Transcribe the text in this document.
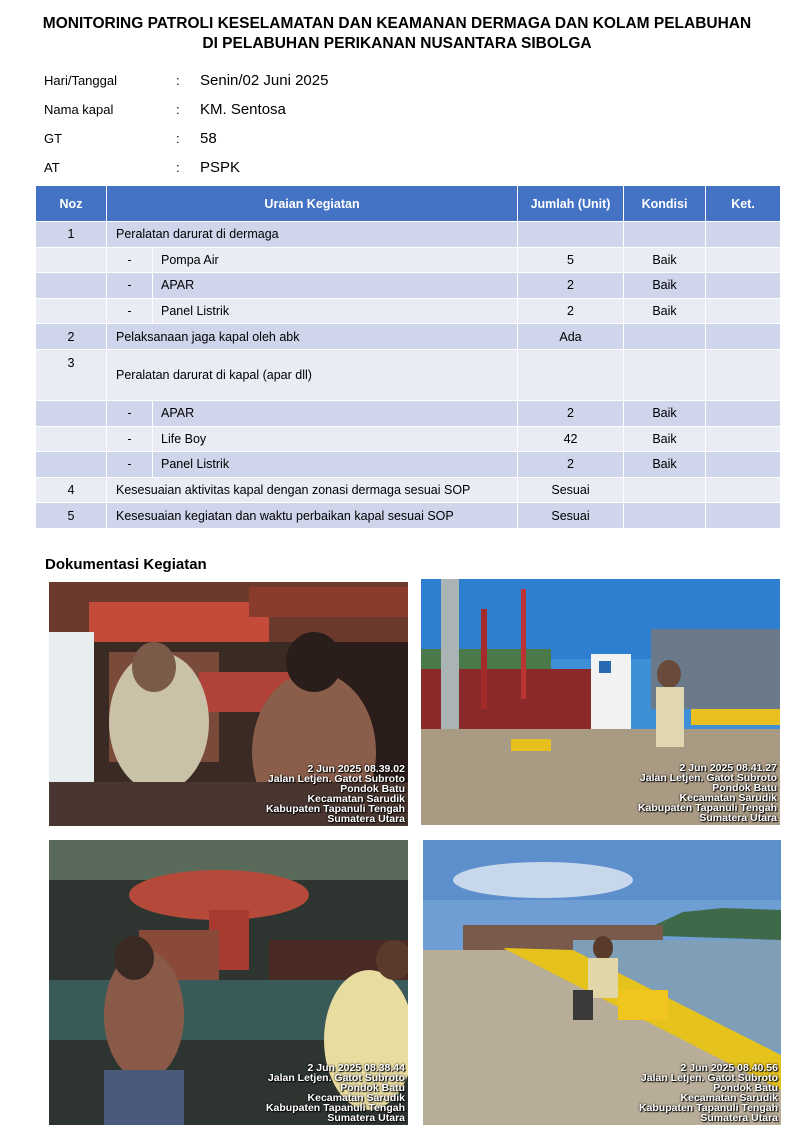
MONITORING PATROLI KESELAMATAN DAN KEAMANAN DERMAGA DAN KOLAM PELABUHAN
DI PELABUHAN PERIKANAN NUSANTARA SIBOLGA
Hari/Tanggal	:	Senin/02 Juni 2025
Nama kapal	:	KM. Sentosa
GT	:	58
AT	:	PSPK
Noz	Uraian Kegiatan		Jumlah (Unit)	Kondisi	Ket.
1	Peralatan darurat di dermaga				
	-	Pompa Air	5	Baik	
	-	APAR	2	Baik	
	-	Panel Listrik	2	Baik	
2	Pelaksanaan jaga kapal oleh abk		Ada		
3	Peralatan darurat di kapal (apar dll)				
	-	APAR	2	Baik	
	-	Life Boy	42	Baik	
	-	Panel Listrik	2	Baik	
4	Kesesuaian aktivitas kapal dengan zonasi dermaga sesuai SOP		Sesuai		
5	Kesesuaian kegiatan dan waktu perbaikan kapal sesuai SOP		Sesuai		
Dokumentasi Kegiatan
2 Jun 2025 08.39.02
Jalan Letjen. Gatot Subroto
Pondok Batu
Kecamatan Sarudik
Kabupaten Tapanuli Tengah
Sumatera Utara
2 Jun 2025 08.41.27
Jalan Letjen. Gatot Subroto
Pondok Batu
Kecamatan Sarudik
Kabupaten Tapanuli Tengah
Sumatera Utara
2 Jun 2025 08.38.44
Jalan Letjen. Gatot Subroto
Pondok Batu
Kecamatan Sarudik
Kabupaten Tapanuli Tengah
Sumatera Utara
2 Jun 2025 08.40.56
Jalan Letjen. Gatot Subroto
Pondok Batu
Kecamatan Sarudik
Kabupaten Tapanuli Tengah
Sumatera Utara
